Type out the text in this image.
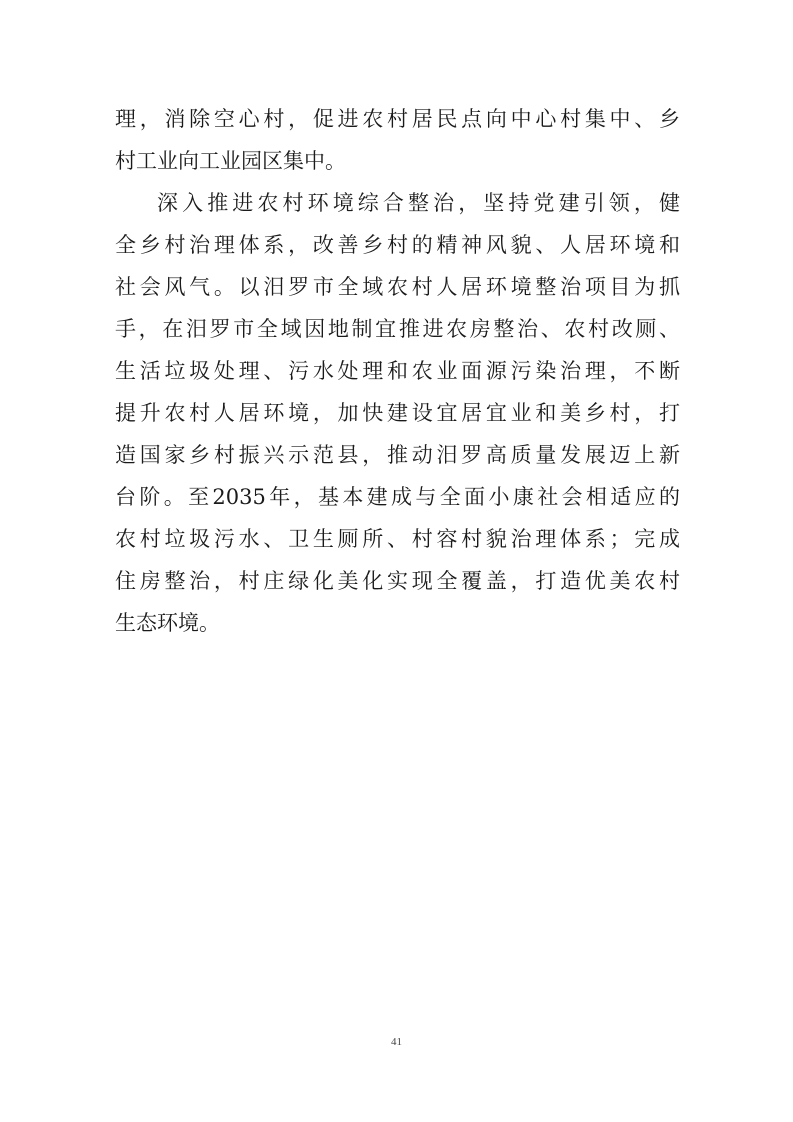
理，消除空心村，促进农村居民点向中心村集中、乡
村工业向工业园区集中。
深入推进农村环境综合整治，坚持党建引领，健
全乡村治理体系，改善乡村的精神风貌、人居环境和
社会风气。以汨罗市全域农村人居环境整治项目为抓
手，在汨罗市全域因地制宜推进农房整治、农村改厕、
生活垃圾处理、污水处理和农业面源污染治理，不断
提升农村人居环境，加快建设宜居宜业和美乡村，打
造国家乡村振兴示范县，推动汨罗高质量发展迈上新
台阶。至2035年，基本建成与全面小康社会相适应的
农村垃圾污水、卫生厕所、村容村貌治理体系；完成
住房整治，村庄绿化美化实现全覆盖，打造优美农村
生态环境。
41
